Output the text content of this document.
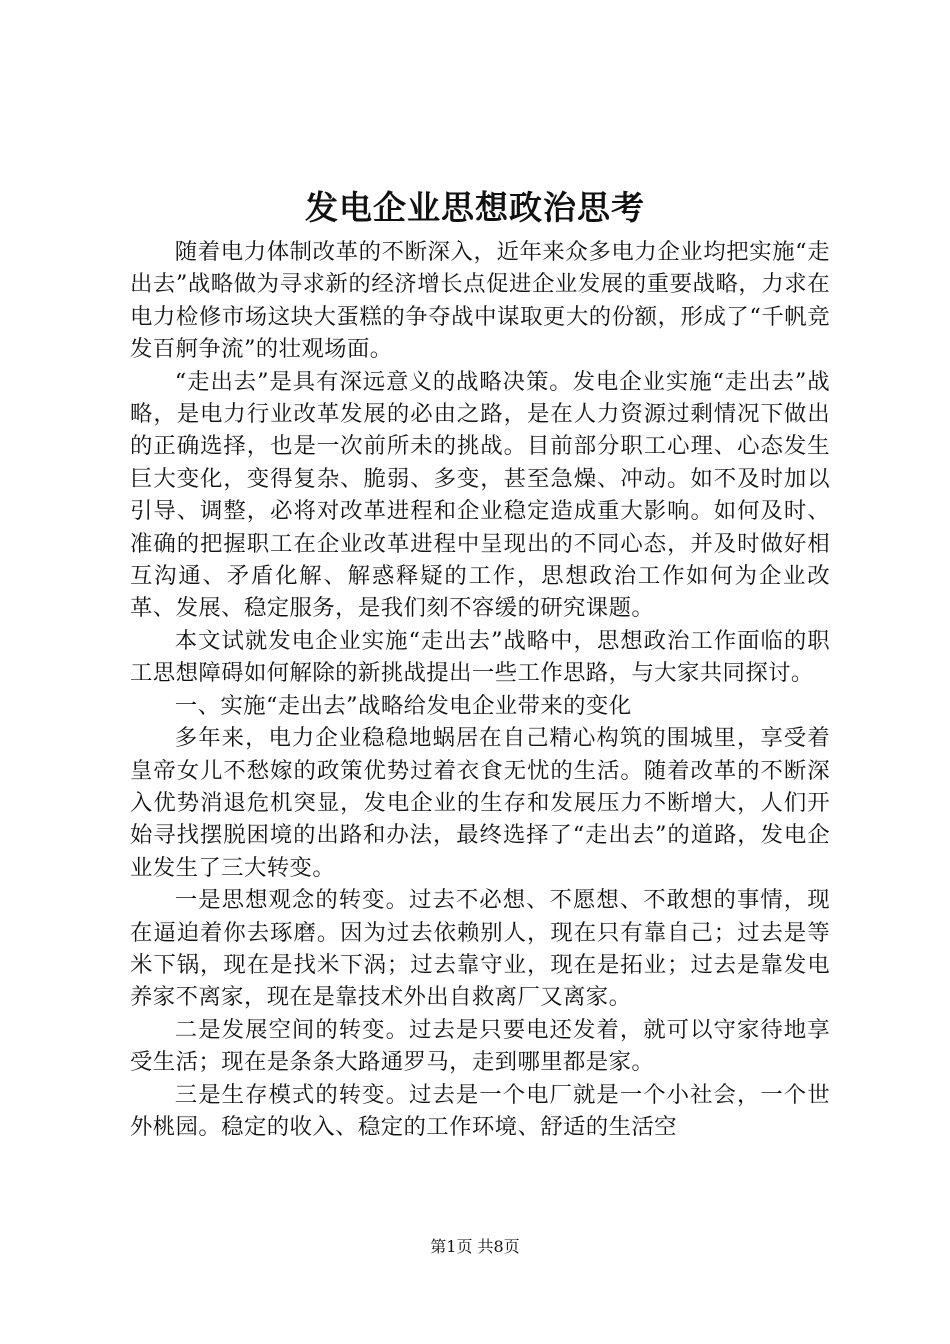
发电企业思想政治思考

随着电力体制改革的不断深入，近年来众多电力企业均把实施“走出去”战略做为寻求新的经济增长点促进企业发展的重要战略，力求在电力检修市场这块大蛋糕的争夺战中谋取更大的份额，形成了“千帆竞发百舸争流”的壮观场面。

“走出去”是具有深远意义的战略决策。发电企业实施“走出去”战略，是电力行业改革发展的必由之路，是在人力资源过剩情况下做出的正确选择，也是一次前所未的挑战。目前部分职工心理、心态发生巨大变化，变得复杂、脆弱、多变，甚至急燥、冲动。如不及时加以引导、调整，必将对改革进程和企业稳定造成重大影响。如何及时、准确的把握职工在企业改革进程中呈现出的不同心态，并及时做好相互沟通、矛盾化解、解惑释疑的工作，思想政治工作如何为企业改革、发展、稳定服务，是我们刻不容缓的研究课题。

本文试就发电企业实施“走出去”战略中，思想政治工作面临的职工思想障碍如何解除的新挑战提出一些工作思路，与大家共同探讨。

一、实施“走出去”战略给发电企业带来的变化

多年来，电力企业稳稳地蜗居在自己精心构筑的围城里，享受着皇帝女儿不愁嫁的政策优势过着衣食无忧的生活。随着改革的不断深入优势消退危机突显，发电企业的生存和发展压力不断增大，人们开始寻找摆脱困境的出路和办法，最终选择了“走出去”的道路，发电企业发生了三大转变。

一是思想观念的转变。过去不必想、不愿想、不敢想的事情，现在逼迫着你去琢磨。因为过去依赖别人，现在只有靠自己；过去是等米下锅，现在是找米下涡；过去靠守业，现在是拓业；过去是靠发电养家不离家，现在是靠技术外出自救离厂又离家。

二是发展空间的转变。过去是只要电还发着，就可以守家待地享受生活；现在是条条大路通罗马，走到哪里都是家。

三是生存模式的转变。过去是一个电厂就是一个小社会，一个世外桃园。稳定的收入、稳定的工作环境、舒适的生活空

第1页 共8页
